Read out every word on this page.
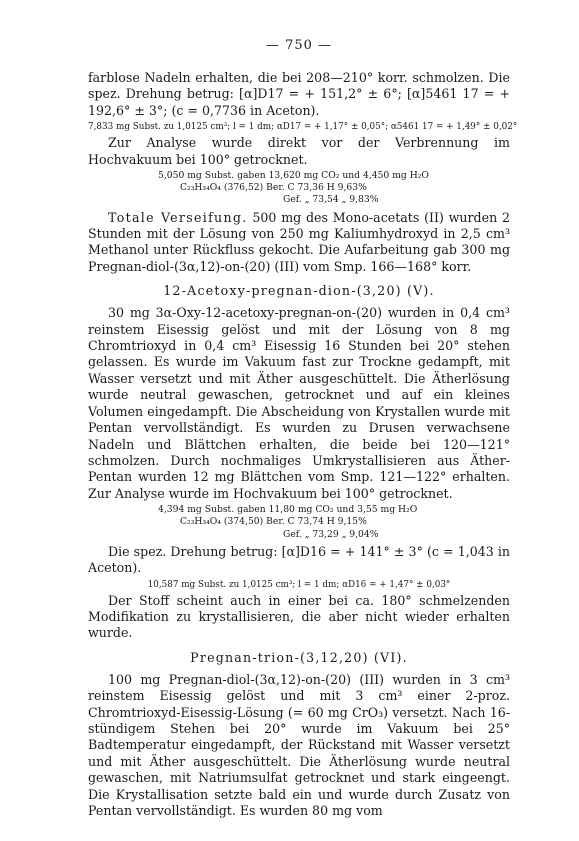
— 750 —

farblose Nadeln erhalten, die bei 208—210° korr. schmolzen. Die spez. Drehung betrug: [α]D17 = + 151,2° ± 6°; [α]5461 17 = + 192,6° ± 3°; (c = 0,7736 in Aceton).

7,833 mg Subst. zu 1,0125 cm³; l = 1 dm; αD17 = + 1,17° ± 0,05°; α5461 17 = + 1,49° ± 0,02°

Zur Analyse wurde direkt vor der Verbrennung im Hochvakuum bei 100° getrocknet.

5,050 mg Subst. gaben 13,620 mg CO₂ und 4,450 mg H₂O
C₂₃H₃₄O₄ (376,52) Ber. C 73,36 H 9,63%
Gef. „ 73,54 „ 9,83%

Totale Verseifung. 500 mg des Mono-acetats (II) wurden 2 Stunden mit der Lösung von 250 mg Kaliumhydroxyd in 2,5 cm³ Methanol unter Rückfluss gekocht. Die Aufarbeitung gab 300 mg Pregnan-diol-(3α,12)-on-(20) (III) vom Smp. 166—168° korr.

12-Acetoxy-pregnan-dion-(3,20) (V).

30 mg 3α-Oxy-12-acetoxy-pregnan-on-(20) wurden in 0,4 cm³ reinstem Eisessig gelöst und mit der Lösung von 8 mg Chromtrioxyd in 0,4 cm³ Eisessig 16 Stunden bei 20° stehen gelassen. Es wurde im Vakuum fast zur Trockne gedampft, mit Wasser versetzt und mit Äther ausgeschüttelt. Die Ätherlösung wurde neutral gewaschen, getrocknet und auf ein kleines Volumen eingedampft. Die Abscheidung von Krystallen wurde mit Pentan vervollständigt. Es wurden zu Drusen verwachsene Nadeln und Blättchen erhalten, die beide bei 120—121° schmolzen. Durch nochmaliges Umkrystallisieren aus Äther-Pentan wurden 12 mg Blättchen vom Smp. 121—122° erhalten. Zur Analyse wurde im Hochvakuum bei 100° getrocknet.

4,394 mg Subst. gaben 11,80 mg CO₂ und 3,55 mg H₂O
C₂₃H₃₄O₄ (374,50) Ber. C 73,74 H 9,15%
Gef. „ 73,29 „ 9,04%

Die spez. Drehung betrug: [α]D16 = + 141° ± 3° (c = 1,043 in Aceton).

10,587 mg Subst. zu 1,0125 cm³; l = 1 dm; αD16 = + 1,47° ± 0,03°

Der Stoff scheint auch in einer bei ca. 180° schmelzenden Modifikation zu krystallisieren, die aber nicht wieder erhalten wurde.

Pregnan-trion-(3,12,20) (VI).

100 mg Pregnan-diol-(3α,12)-on-(20) (III) wurden in 3 cm³ reinstem Eisessig gelöst und mit 3 cm³ einer 2-proz. Chromtrioxyd-Eisessig-Lösung (= 60 mg CrO₃) versetzt. Nach 16-stündigem Stehen bei 20° wurde im Vakuum bei 25° Badtemperatur eingedampft, der Rückstand mit Wasser versetzt und mit Äther ausgeschüttelt. Die Ätherlösung wurde neutral gewaschen, mit Natriumsulfat getrocknet und stark eingeengt. Die Krystallisation setzte bald ein und wurde durch Zusatz von Pentan vervollständigt. Es wurden 80 mg vom
